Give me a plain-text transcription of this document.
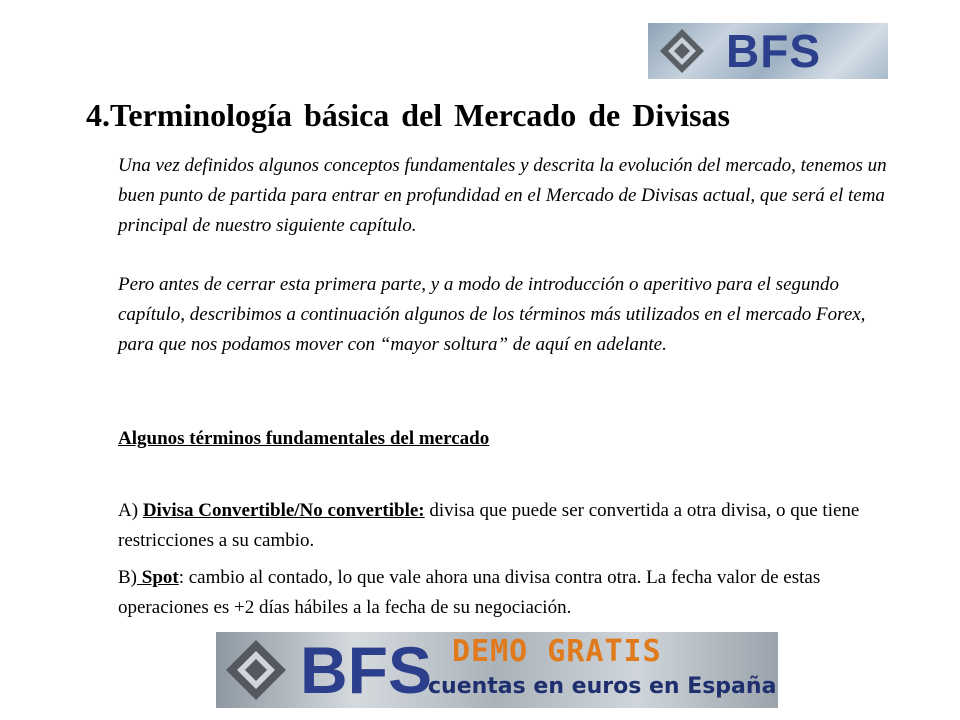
BFS
4.Terminología básica del Mercado de Divisas

Una vez definidos algunos conceptos fundamentales y descrita la evolución del mercado, tenemos un buen punto de partida para entrar en profundidad en el Mercado de Divisas actual, que será el tema principal de nuestro siguiente capítulo.

Pero antes de cerrar esta primera parte, y a modo de introducción o aperitivo para el segundo capítulo, describimos a continuación algunos de los términos más utilizados en el mercado Forex, para que nos podamos mover con “mayor soltura” de aquí en adelante.

Algunos términos fundamentales del mercado

A) Divisa Convertible/No convertible: divisa que puede ser convertida a otra divisa, o que tiene restricciones a su cambio.

B) Spot: cambio al contado, lo que vale ahora una divisa contra otra. La fecha valor de estas operaciones es +2 días hábiles a la fecha de su negociación.

BFS DEMO GRATIS
cuentas en euros en España
